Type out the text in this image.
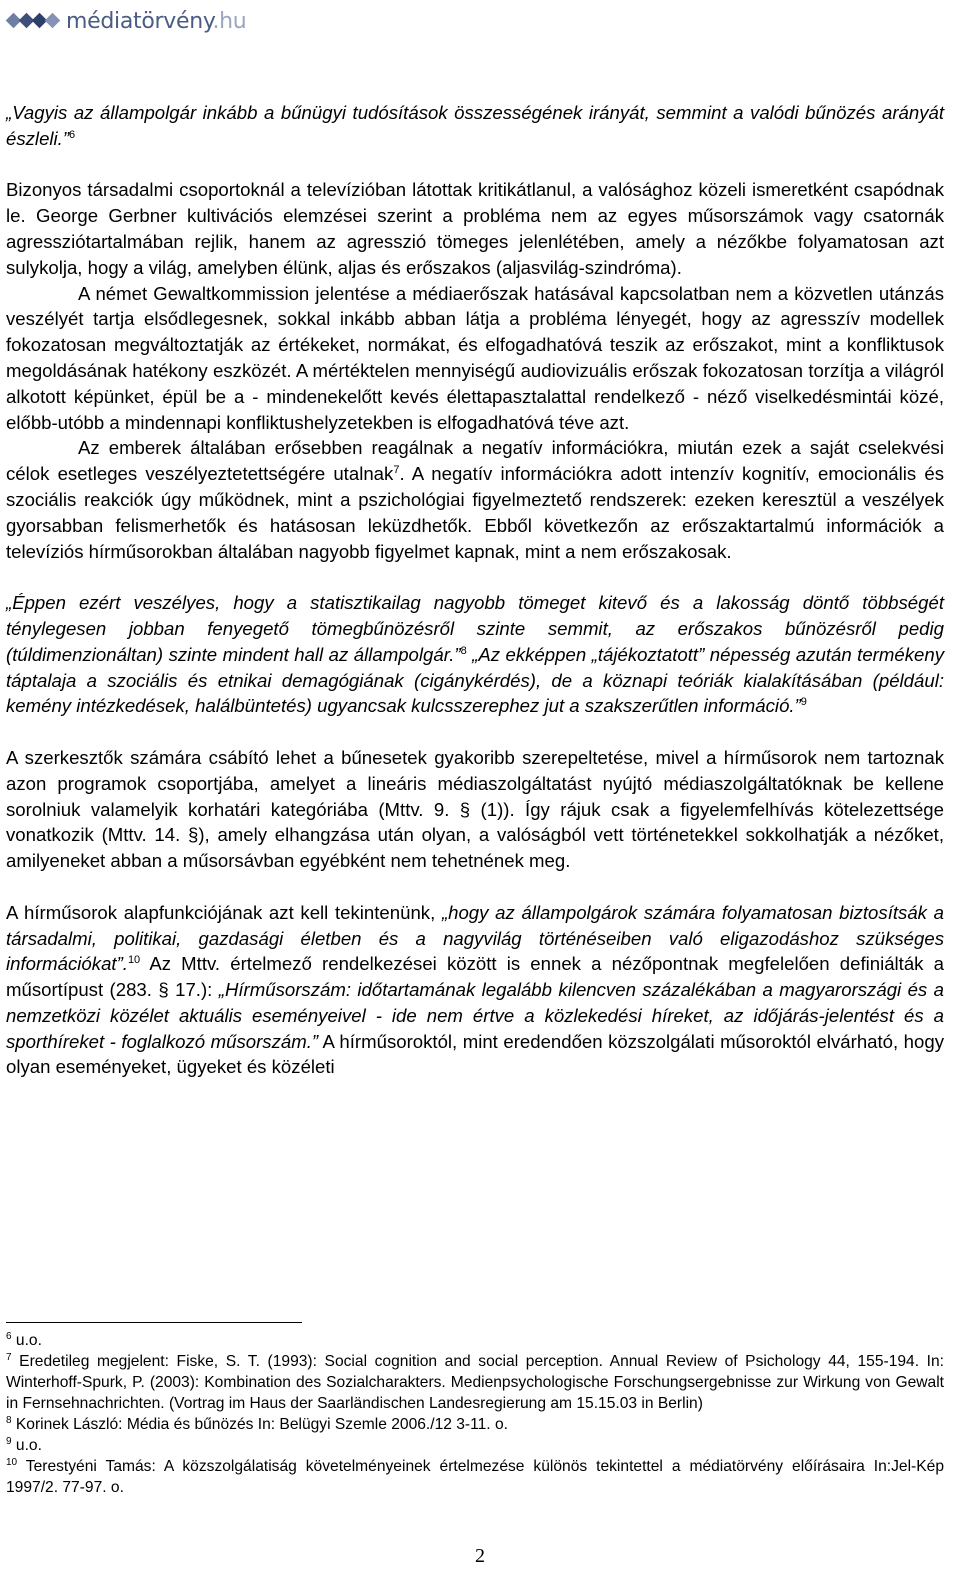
médiatörvény.hu

„Vagyis az állampolgár inkább a bűnügyi tudósítások összességének irányát, semmint a valódi bűnözés arányát észleli.”$^6$

Bizonyos társadalmi csoportoknál a televízióban látottak kritikátlanul, a valósághoz közeli ismeretként csapódnak le. George Gerbner kultivációs elemzései szerint a probléma nem az egyes műsorszámok vagy csatornák agressziótartalmában rejlik, hanem az agresszió tömeges jelenlétében, amely a nézőkbe folyamatosan azt sulykolja, hogy a világ, amelyben élünk, aljas és erőszakos (aljasvilág-szindróma).

A német Gewaltkommission jelentése a médiaerőszak hatásával kapcsolatban nem a közvetlen utánzás veszélyét tartja elsődlegesnek, sokkal inkább abban látja a probléma lényegét, hogy az agresszív modellek fokozatosan megváltoztatják az értékeket, normákat, és elfogadhatóvá teszik az erőszakot, mint a konfliktusok megoldásának hatékony eszközét. A mértéktelen mennyiségű audiovizuális erőszak fokozatosan torzítja a világról alkotott képünket, épül be a - mindenekelőtt kevés élettapasztalattal rendelkező - néző viselkedésmintái közé, előbb-utóbb a mindennapi konfliktushelyzetekben is elfogadhatóvá téve azt.

Az emberek általában erősebben reagálnak a negatív információkra, miután ezek a saját cselekvési célok esetleges veszélyeztetettségére utalnak$^7$. A negatív információkra adott intenzív kognitív, emocionális és szociális reakciók úgy működnek, mint a pszichológiai figyelmeztető rendszerek: ezeken keresztül a veszélyek gyorsabban felismerhetők és hatásosan leküzdhetők. Ebből következőn az erőszaktartalmú információk a televíziós hírműsorokban általában nagyobb figyelmet kapnak, mint a nem erőszakosak.

„Éppen ezért veszélyes, hogy a statisztikailag nagyobb tömeget kitevő és a lakosság döntő többségét ténylegesen jobban fenyegető tömegbűnözésről szinte semmit, az erőszakos bűnözésről pedig (túldimenzionáltan) szinte mindent hall az állampolgár.”$^8$ „Az ekképpen „tájékoztatott” népesség azután termékeny táptalaja a szociális és etnikai demagógiának (cigánykérdés), de a köznapi teóriák kialakításában (például: kemény intézkedések, halálbüntetés) ugyancsak kulcsszerephez jut a szakszerűtlen információ.”$^9$

A szerkesztők számára csábító lehet a bűnesetek gyakoribb szerepeltetése, mivel a hírműsorok nem tartoznak azon programok csoportjába, amelyet a lineáris médiaszolgáltatást nyújtó médiaszolgáltatóknak be kellene sorolniuk valamelyik korhatári kategóriába (Mttv. 9. § (1)). Így rájuk csak a figyelemfelhívás kötelezettsége vonatkozik (Mttv. 14. §), amely elhangzása után olyan, a valóságból vett történetekkel sokkolhatják a nézőket, amilyeneket abban a műsorsávban egyébként nem tehetnének meg.

A hírműsorok alapfunkciójának azt kell tekintenünk, „hogy az állampolgárok számára folyamatosan biztosítsák a társadalmi, politikai, gazdasági életben és a nagyvilág történéseiben való eligazodáshoz szükséges információkat”.$^{10}$ Az Mttv. értelmező rendelkezései között is ennek a nézőpontnak megfelelően definiálták a műsortípust (283. § 17.): „Hírműsorszám: időtartamának legalább kilencven százalékában a magyarországi és a nemzetközi közélet aktuális eseményeivel - ide nem értve a közlekedési híreket, az időjárás-jelentést és a sporthíreket - foglalkozó műsorszám.” A hírműsoroktól, mint eredendően közszolgálati műsoroktól elvárható, hogy olyan eseményeket, ügyeket és közéleti

$^6$ u.o.

$^7$ Eredetileg megjelent: Fiske, S. T. (1993): Social cognition and social perception. Annual Review of Psichology 44, 155-194. In: Winterhoff-Spurk, P. (2003): Kombination des Sozialcharakters. Medienpsychologische Forschungsergebnisse zur Wirkung von Gewalt in Fernsehnachrichten. (Vortrag im Haus der Saarländischen Landesregierung am 15.15.03 in Berlin)

$^8$ Korinek László: Média és bűnözés In: Belügyi Szemle 2006./12 3-11. o.

$^9$ u.o.

$^{10}$ Terestyéni Tamás: A közszolgálatiság követelményeinek értelmezése különös tekintettel a médiatörvény előírásaira In:Jel-Kép 1997/2. 77-97. o.

2
